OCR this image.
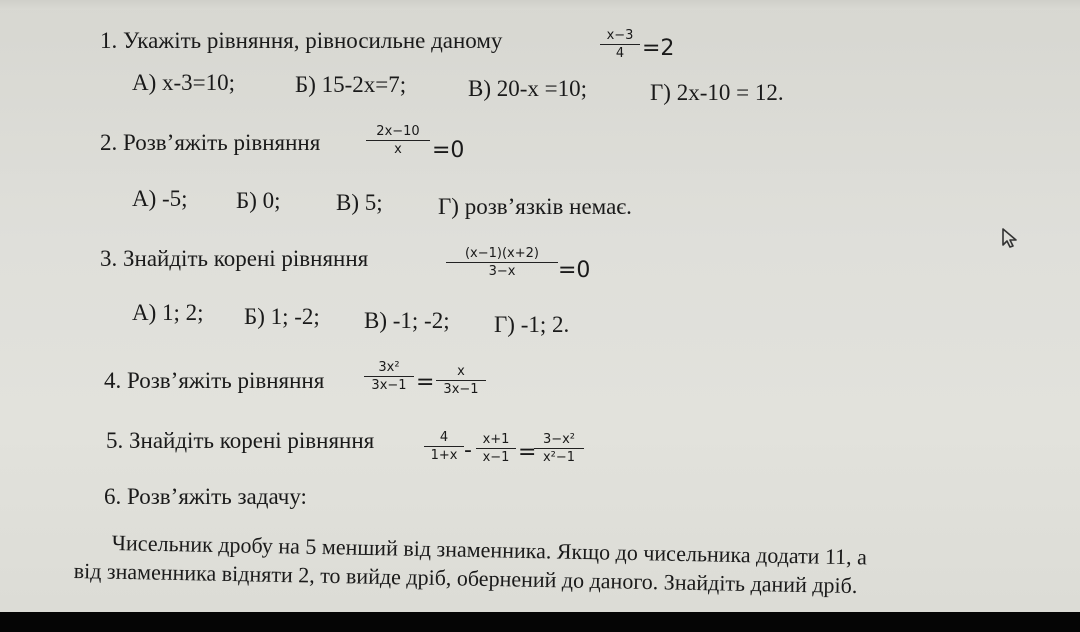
1. Укажіть рівняння, рівносильне даному	x−3
4 =2
А) х-3=10;	Б) 15-2х=7;	В) 20-х =10;	Г) 2х-10 = 12.
2. Розв’яжіть рівняння	2x−10
x	=0
А) -5; Б) 0; В) 5; Г) розв’язків немає.
3. Знайдіть корені рівняння	(x−1)(x+2)
3−x	=0
А) 1; 2; Б) 1; -2; В) -1; -2; Г) -1; 2.
4. Розв’яжіть рівняння
3x²
3x−1 =	x
3x−1
5. Знайдіть корені рівняння	4
1+x - x+1
x−1 =
3−x²
x²−1
6. Розв’яжіть задачу:
Чисельник дробу на 5 менший від знаменника. Якщо до чисельника додати 11, а
від знаменника відняти 2, то вийде дріб, обернений до даного. Знайдіть даний дріб.
